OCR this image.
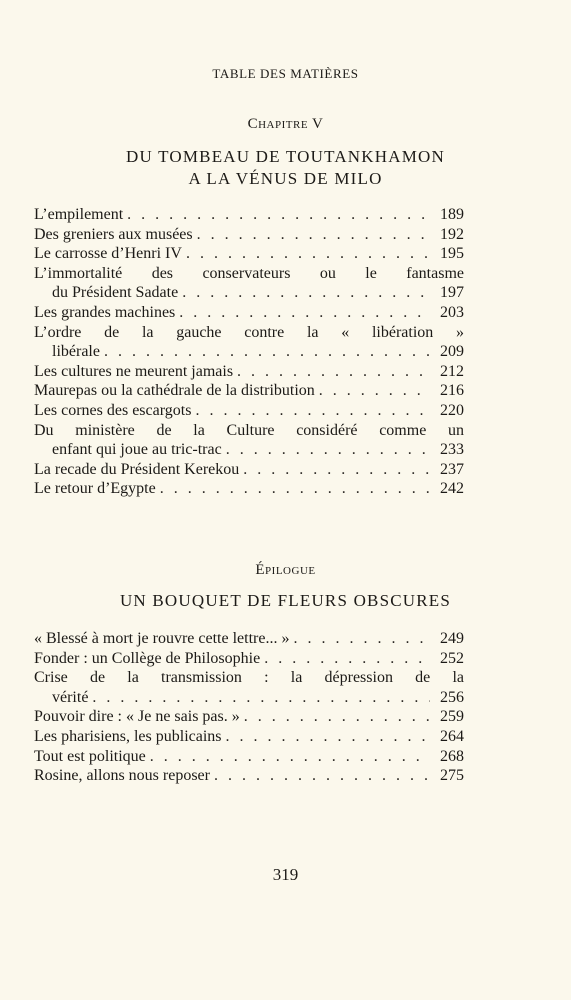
TABLE DES MATIÈRES
Chapitre V
DU TOMBEAU DE TOUTANKHAMON
A LA VÉNUS DE MILO
L’empilement . . .	189
Des greniers aux musées . . .	192
Le carrosse d’Henri IV . . .	195
L’immortalité des conservateurs ou le fantasme
du Président Sadate . . .	197
Les grandes machines . . .	203
L’ordre de la gauche contre la « libération »
libérale . . .	209
Les cultures ne meurent jamais . . .	212
Maurepas ou la cathédrale de la distribution . . .	216
Les cornes des escargots . . .	220
Du ministère de la Culture considéré comme un
enfant qui joue au tric-trac . . .	233
La recade du Président Kerekou . . .	237
Le retour d’Egypte . . .	242
Épilogue
UN BOUQUET DE FLEURS OBSCURES
« Blessé à mort je rouvre cette lettre... » . . .	249
Fonder : un Collège de Philosophie . . .	252
Crise de la transmission : la dépression de la
vérité . . .	256
Pouvoir dire : « Je ne sais pas. » . . .	259
Les pharisiens, les publicains . . .	264
Tout est politique . . .	268
Rosine, allons nous reposer . . .	275
319
